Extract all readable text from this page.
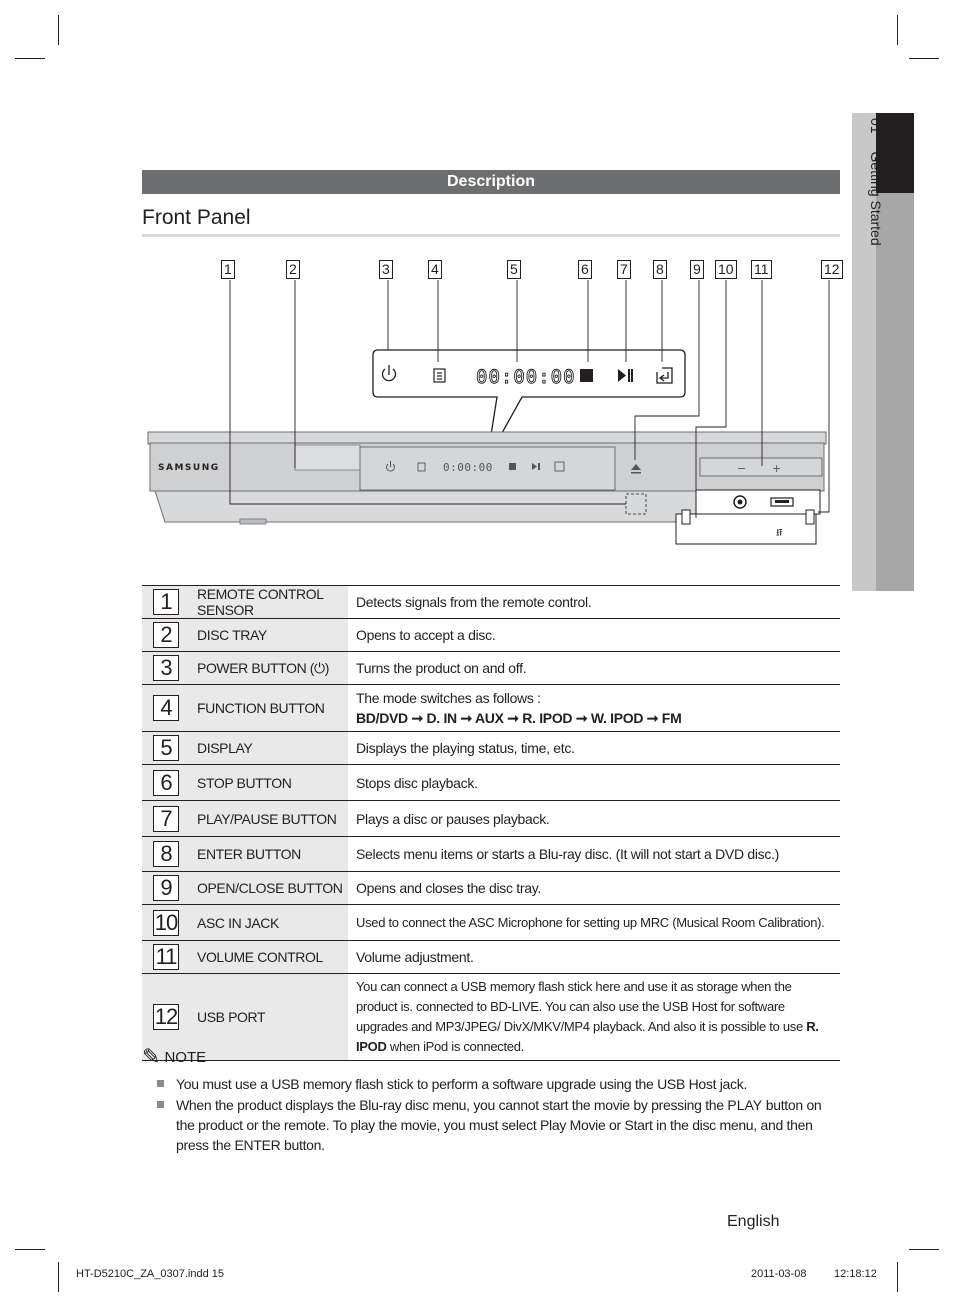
01 Getting Started
Description
Front Panel
1	2	3	4	5	6 7 8 9 10 11	12
00:00:00
SAMSUNG	0:00:00	− +
⭿
1	REMOTE CONTROL SENSOR	Detects signals from the remote control.
2	DISC TRAY	Opens to accept a disc.
3	POWER BUTTON (⏻)	Turns the product on and off.
4	FUNCTION BUTTON	The mode switches as follows :
BD/DVD ➞ D. IN ➞ AUX ➞ R. IPOD ➞ W. IPOD ➞ FM

5	DISPLAY	Displays the playing status, time, etc.
6	STOP BUTTON	Stops disc playback.
7	PLAY/PAUSE BUTTON	Plays a disc or pauses playback.
8	ENTER BUTTON	Selects menu items or starts a Blu-ray disc. (It will not start a DVD disc.)
9	OPEN/CLOSE BUTTON	Opens and closes the disc tray.
10	ASC IN JACK	Used to connect the ASC Microphone for setting up MRC (Musical Room Calibration).
11	VOLUME CONTROL	Volume adjustment.
12	USB PORT	You can connect a USB memory flash stick here and use it as storage when the product is. connected to BD-LIVE. You can also use the USB Host for software upgrades and MP3/JPEG/ DivX/MKV/MP4 playback. And also it is possible to use R. IPOD when iPod is connected.
✎ NOTE
You must use a USB memory flash stick to perform a software upgrade using the USB Host jack.
When the product displays the Blu-ray disc menu, you cannot start the movie by pressing the PLAY button on the product or the remote. To play the movie, you must select Play Movie or Start in the disc menu, and then press the ENTER button.
English
HT-D5210C_ZA_0307.indd 15	2011-03-08	12:18:12
